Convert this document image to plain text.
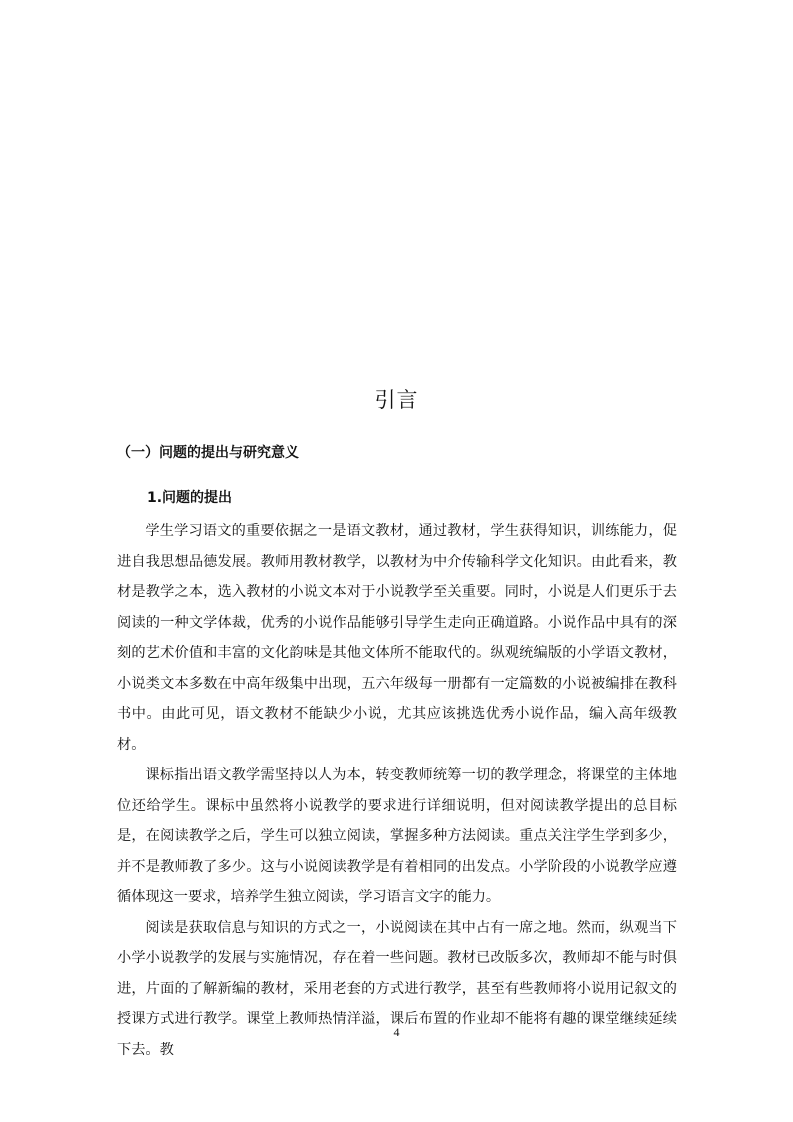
引言
（一）问题的提出与研究意义
1.问题的提出

学生学习语文的重要依据之一是语文教材，通过教材，学生获得知识，训练能力，促进自我思想品德发展。教师用教材教学，以教材为中介传输科学文化知识。由此看来，教材是教学之本，选入教材的小说文本对于小说教学至关重要。同时，小说是人们更乐于去阅读的一种文学体裁，优秀的小说作品能够引导学生走向正确道路。小说作品中具有的深刻的艺术价值和丰富的文化韵味是其他文体所不能取代的。纵观统编版的小学语文教材，小说类文本多数在中高年级集中出现，五六年级每一册都有一定篇数的小说被编排在教科书中。由此可见，语文教材不能缺少小说，尤其应该挑选优秀小说作品，编入高年级教材。

课标指出语文教学需坚持以人为本，转变教师统筹一切的教学理念，将课堂的主体地位还给学生。课标中虽然将小说教学的要求进行详细说明，但对阅读教学提出的总目标是，在阅读教学之后，学生可以独立阅读，掌握多种方法阅读。重点关注学生学到多少，并不是教师教了多少。这与小说阅读教学是有着相同的出发点。小学阶段的小说教学应遵循体现这一要求，培养学生独立阅读，学习语言文字的能力。

阅读是获取信息与知识的方式之一，小说阅读在其中占有一席之地。然而，纵观当下小学小说教学的发展与实施情况，存在着一些问题。教材已改版多次，教师却不能与时俱进，片面的了解新编的教材，采用老套的方式进行教学，甚至有些教师将小说用记叙文的授课方式进行教学。课堂上教师热情洋溢，课后布置的作业却不能将有趣的课堂继续延续下去。教

4
